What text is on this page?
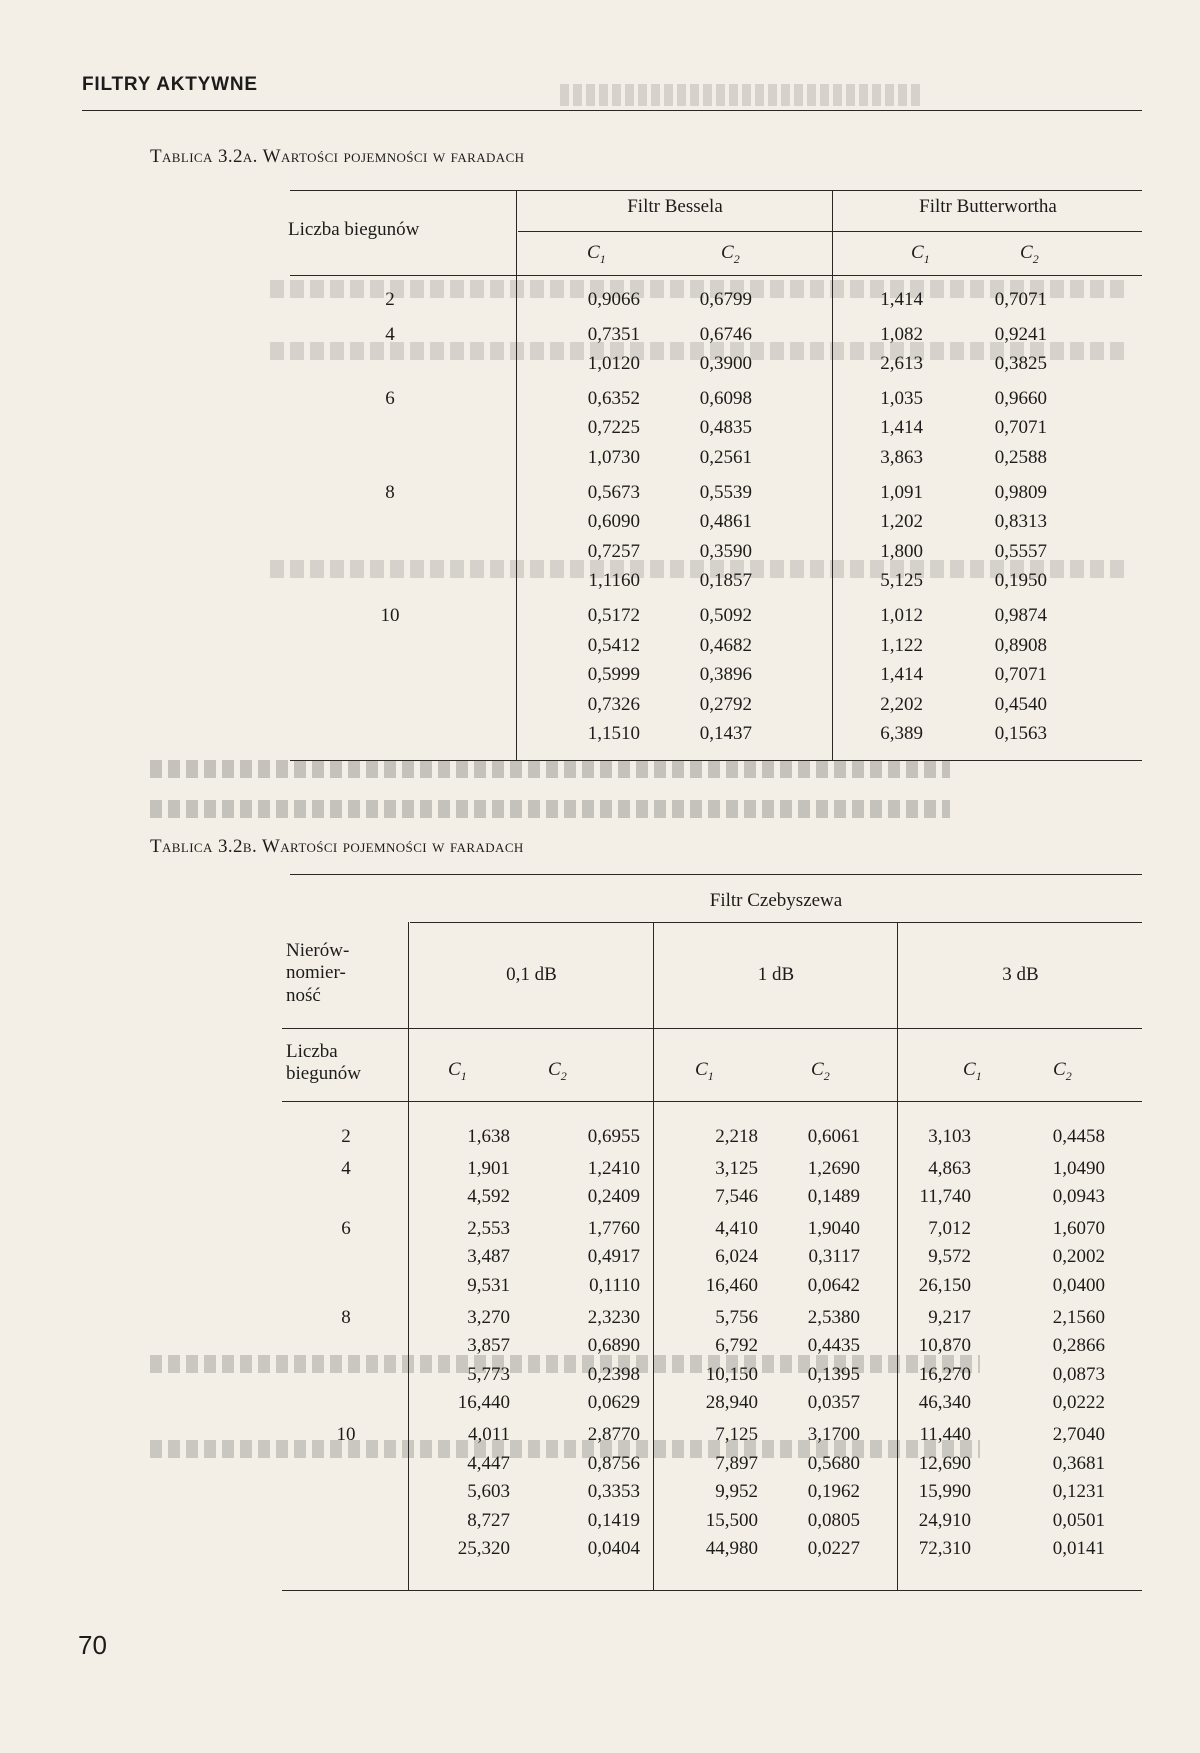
FILTRY AKTYWNE
Tablica 3.2a. Wartości pojemności w faradach
Liczba biegunów
Filtr Bessela	Filtr Butterwortha
$C_1$	$C_2$	$C_1$	$C_2$
2	0,9066	0,6799	1,414	0,7071
4	0,7351	0,6746	1,082	0,9241
1,0120	0,3900	2,613	0,3825
6	0,6352	0,6098	1,035	0,9660
0,7225	0,4835	1,414	0,7071
1,0730	0,2561	3,863	0,2588
8	0,5673	0,5539	1,091	0,9809
0,6090	0,4861	1,202	0,8313
0,7257	0,3590	1,800	0,5557
1,1160	0,1857	5,125	0,1950
10	0,5172	0,5092	1,012	0,9874
0,5412	0,4682	1,122	0,8908
0,5999	0,3896	1,414	0,7071
0,7326	0,2792	2,202	0,4540
1,1510	0,1437	6,389	0,1563
Tablica 3.2b. Wartości pojemności w faradach
Filtr Czebyszewa
Nierów-
nomier-
ność
0,1 dB	1 dB	3 dB
Liczba
biegunów	$C_1$	$C_2$	$C_1$	$C_2$	$C_1$	$C_2$
2	1,638	0,6955	2,218	0,6061	3,103	0,4458
4	1,901	1,2410	3,125	1,2690	4,863	1,0490
4,592	0,2409	7,546	0,1489	11,740	0,0943
6	2,553	1,7760	4,410	1,9040	7,012	1,6070
3,487	0,4917	6,024	0,3117	9,572	0,2002
9,531	0,1110	16,460	0,0642	26,150	0,0400
8	3,270	2,3230	5,756	2,5380	9,217	2,1560
3,857	0,6890	6,792	0,4435	10,870	0,2866
5,773	0,2398	10,150	0,1395	16,270	0,0873
16,440	0,0629	28,940	0,0357	46,340	0,0222
10	4,011	2,8770	7,125	3,1700	11,440	2,7040
4,447	0,8756	7,897	0,5680	12,690	0,3681
5,603	0,3353	9,952	0,1962	15,990	0,1231
8,727	0,1419	15,500	0,0805	24,910	0,0501
25,320	0,0404	44,980	0,0227	72,310	0,0141
70
